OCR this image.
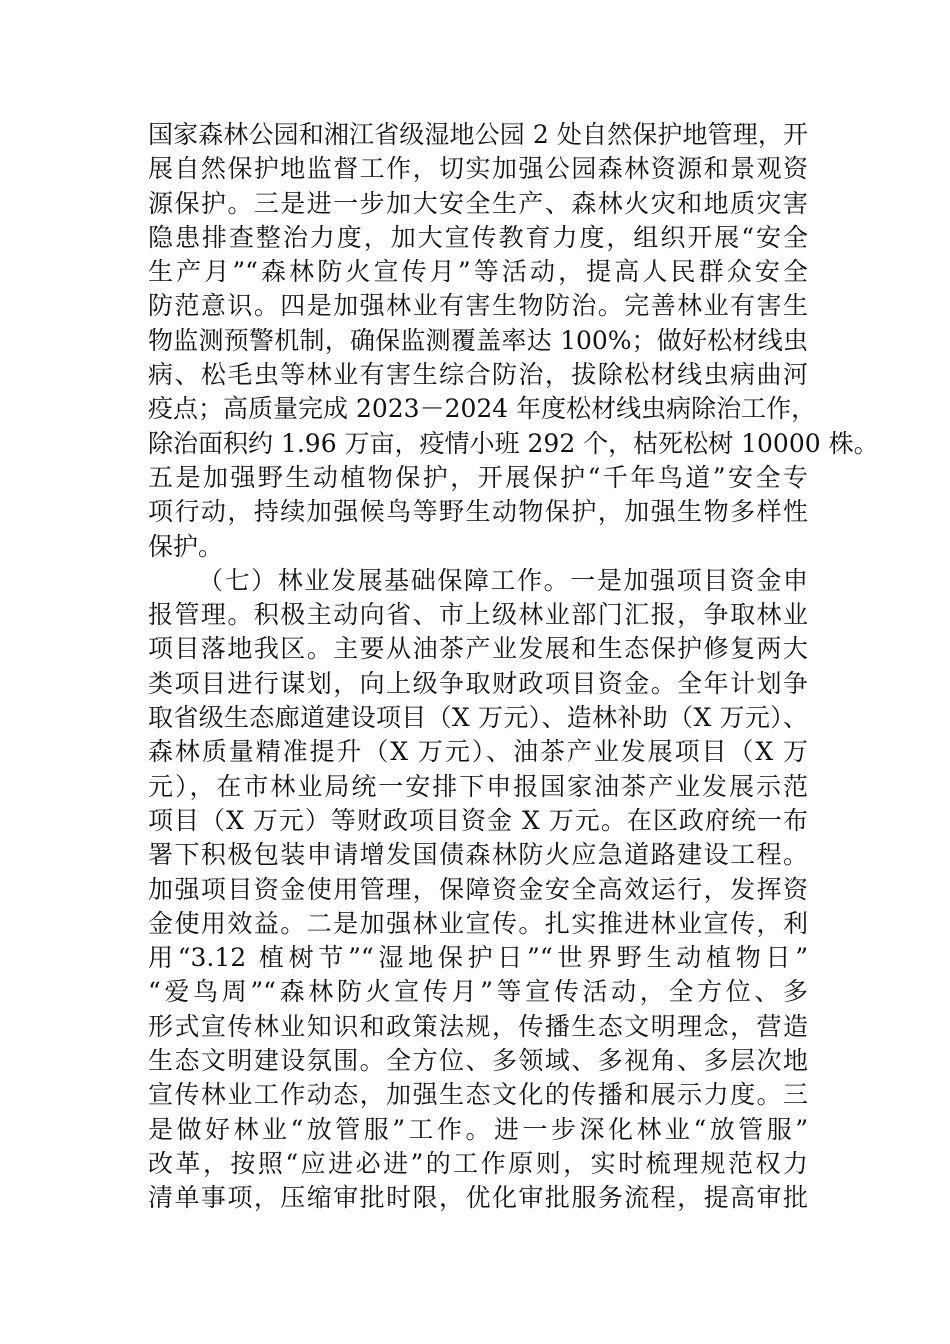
国家森林公园和湘江省级湿地公园 2 处自然保护地管理，开
展自然保护地监督工作，切实加强公园森林资源和景观资
源保护。三是进一步加大安全生产、森林火灾和地质灾害
隐患排查整治力度，加大宣传教育力度，组织开展“安全
生产月”“森林防火宣传月”等活动，提高人民群众安全
防范意识。四是加强林业有害生物防治。完善林业有害生
物监测预警机制，确保监测覆盖率达 100%；做好松材线虫
病、松毛虫等林业有害生综合防治，拔除松材线虫病曲河
疫点；高质量完成 2023－2024 年度松材线虫病除治工作，
除治面积约 1.96 万亩，疫情小班 292 个，枯死松树 10000 株。
五是加强野生动植物保护，开展保护“千年鸟道”安全专
项行动，持续加强候鸟等野生动物保护，加强生物多样性
保护。
（七）林业发展基础保障工作。一是加强项目资金申
报管理。积极主动向省、市上级林业部门汇报，争取林业
项目落地我区。主要从油茶产业发展和生态保护修复两大
类项目进行谋划，向上级争取财政项目资金。全年计划争
取省级生态廊道建设项目（X 万元）、造林补助（X 万元）、
森林质量精准提升（X 万元）、油茶产业发展项目（X 万
元），在市林业局统一安排下申报国家油茶产业发展示范
项目（X 万元）等财政项目资金 X 万元。在区政府统一布
署下积极包装申请增发国债森林防火应急道路建设工程。
加强项目资金使用管理，保障资金安全高效运行，发挥资
金使用效益。二是加强林业宣传。扎实推进林业宣传，利
用“3.12 植树节”“湿地保护日”“世界野生动植物日”
“爱鸟周”“森林防火宣传月”等宣传活动，全方位、多
形式宣传林业知识和政策法规，传播生态文明理念，营造
生态文明建设氛围。全方位、多领域、多视角、多层次地
宣传林业工作动态，加强生态文化的传播和展示力度。三
是做好林业“放管服”工作。进一步深化林业“放管服”
改革，按照“应进必进”的工作原则，实时梳理规范权力
清单事项，压缩审批时限，优化审批服务流程，提高审批
